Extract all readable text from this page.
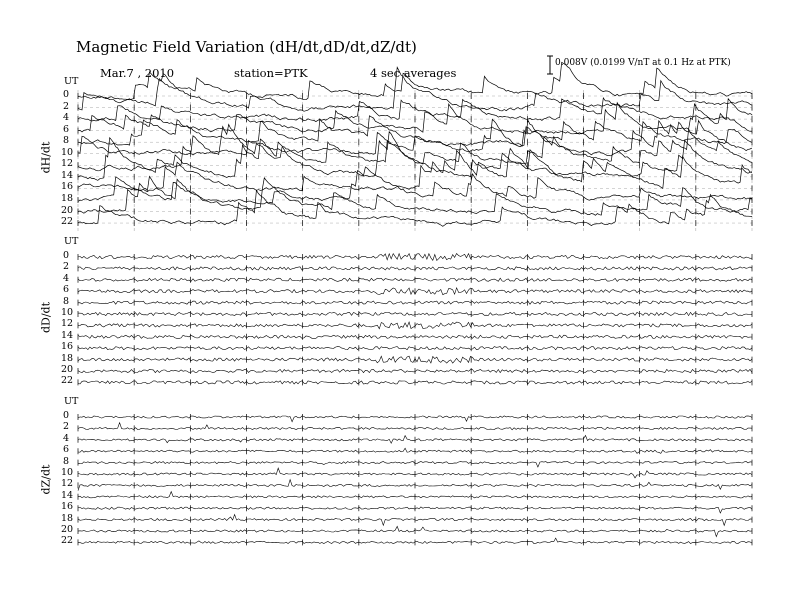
Magnetic Field Variation (dH/dt,dD/dt,dZ/dt)
Mar.7 , 2010	station=PTK	4 sec averages
0.008V (0.0199 V/nT at 0.1 Hz at PTK)
UT
dH/dt
0
2
4
6
8
10
12
14
16
18
20
22
UT
dD/dt
0
2
4
6
8
10
12
14
16
18
20
22
UT
dZ/dt
0
2
4
6
8
10
12
14
16
18
20
22
